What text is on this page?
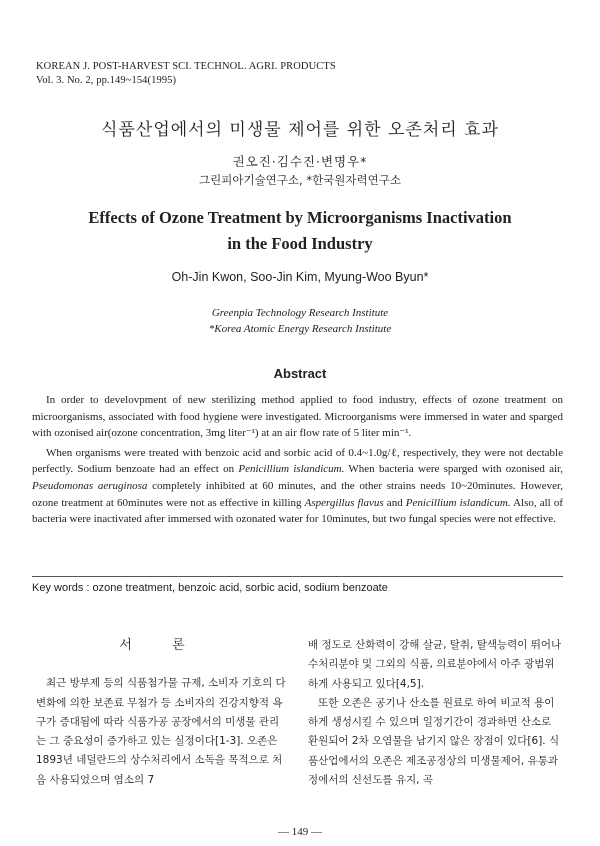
KOREAN J. POST-HARVEST SCI. TECHNOL. AGRI. PRODUCTS
Vol. 3. No. 2, pp.149~154(1995)
식품산업에서의 미생물 제어를 위한 오존처리 효과
권오진·김수진·변명우*
그린피아기술연구소, *한국원자력연구소
Effects of Ozone Treatment by Microorganisms Inactivation
in the Food Industry
Oh-Jin Kwon, Soo-Jin Kim, Myung-Woo Byun*
Greenpia Technology Research Institute
*Korea Atomic Energy Research Institute
Abstract

In order to develovpment of new sterilizing method applied to food industry, effects of ozone treatment on microorganisms, associated with food hygiene were investigated. Microorganisms were immersed in water and sparged with ozonised air(ozone concentration, 3mg liter⁻¹) at an air flow rate of 5 liter min⁻¹.

When organisms were treated with benzoic acid and sorbic acid of 0.4~1.0g/ℓ, respectively, they were not dectable perfectly. Sodium benzoate had an effect on Penicillium islandicum. When bacteria were sparged with ozonised air, Pseudomonas aeruginosa completely inhibited at 60 minutes, and the other strains needs 10~20minutes. However, ozone treatment at 60minutes were not as effective in killing Aspergillus flavus and Penicillium islandicum. Also, all of bacteria were inactivated after immersed with ozonated water for 10minutes, but two fungal species were not effective.

Key words : ozone treatment, benzoic acid, sorbic acid, sodium benzoate
서 론

최근 방부제 등의 식품첨가물 규제, 소비자 기호의 다변화에 의한 보존료 무첨가 등 소비자의 건강지향적 욕구가 증대됨에 따라 식품가공 공장에서의 미생물 관리는 그 중요성이 증가하고 있는 실정이다[1-3]. 오존은 1893년 네덜란드의 상수처리에서 소독을 목적으로 처음 사용되었으며 염소의 7

배 정도로 산화력이 강해 살균, 탈취, 탈색능력이 뛰어나 수처리분야 및 그외의 식품, 의료분야에서 아주 광범위하게 사용되고 있다[4,5].

또한 오존은 공기나 산소를 원료로 하여 비교적 용이하게 생성시킬 수 있으며 일정기간이 경과하면 산소로 환원되어 2차 오염물을 남기지 않은 장점이 있다[6]. 식품산업에서의 오존은 제조공정상의 미생물제어, 유통과정에서의 신선도를 유지, 곡

— 149 —
